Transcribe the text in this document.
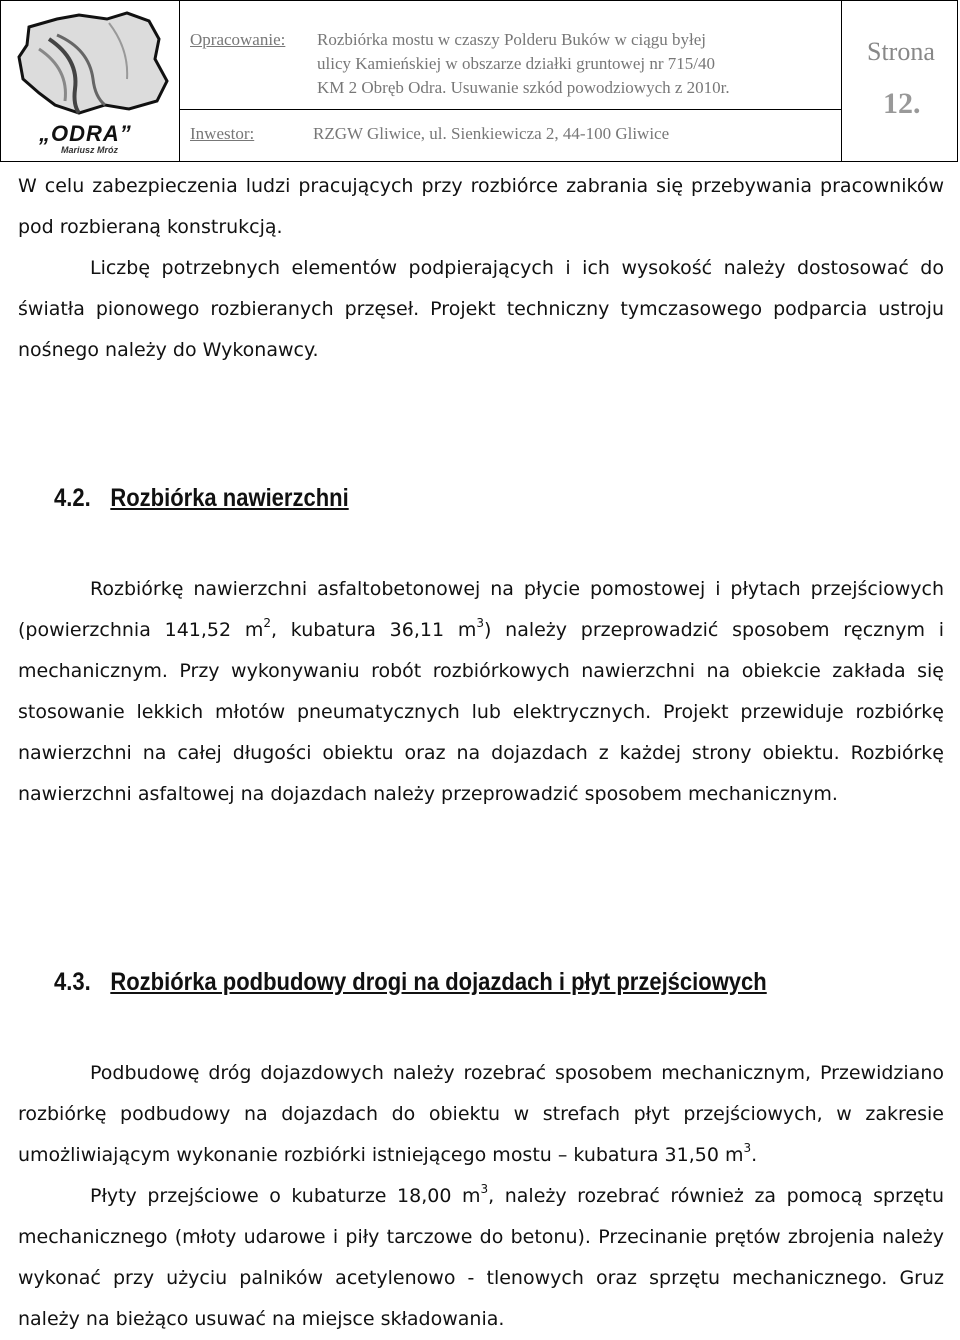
„ODRA”
Mariusz Mróz
Opracowanie: Rozbiórka mostu w czaszy Polderu Buków w ciągu byłej
ulicy Kamieńskiej w obszarze działki gruntowej nr 715/40
KM 2 Obręb Odra. Usuwanie szkód powodziowych z 2010r.
Inwestor:	RZGW Gliwice, ul. Sienkiewicza 2, 44-100 Gliwice
Strona
12.

W celu zabezpieczenia ludzi pracujących przy rozbiórce zabrania się przebywania pracowników pod rozbieraną konstrukcją.

Liczbę potrzebnych elementów podpierających i ich wysokość należy dostosować do światła pionowego rozbieranych przęseł. Projekt techniczny tymczasowego podparcia ustroju nośnego należy do Wykonawcy.

4.2. Rozbiórka nawierzchni

Rozbiórkę nawierzchni asfaltobetonowej na płycie pomostowej i płytach przejściowych (powierzchnia 141,52 $m^2$, kubatura 36,11 $m^3$) należy przeprowadzić sposobem ręcznym i mechanicznym. Przy wykonywaniu robót rozbiórkowych nawierzchni na obiekcie zakłada się stosowanie lekkich młotów pneumatycznych lub elektrycznych. Projekt przewiduje rozbiórkę nawierzchni na całej długości obiektu oraz na dojazdach z każdej strony obiektu. Rozbiórkę nawierzchni asfaltowej na dojazdach należy przeprowadzić sposobem mechanicznym.

4.3. Rozbiórka podbudowy drogi na dojazdach i płyt przejściowych

Podbudowę dróg dojazdowych należy rozebrać sposobem mechanicznym, Przewidziano rozbiórkę podbudowy na dojazdach do obiektu w strefach płyt przejściowych, w zakresie umożliwiającym wykonanie rozbiórki istniejącego mostu – kubatura 31,50 $m^3$.

Płyty przejściowe o kubaturze 18,00 $m^3$, należy rozebrać również za pomocą sprzętu mechanicznego (młoty udarowe i piły tarczowe do betonu). Przecinanie prętów zbrojenia należy wykonać przy użyciu palników acetylenowo - tlenowych oraz sprzętu mechanicznego. Gruz należy na bieżąco usuwać na miejsce składowania.
